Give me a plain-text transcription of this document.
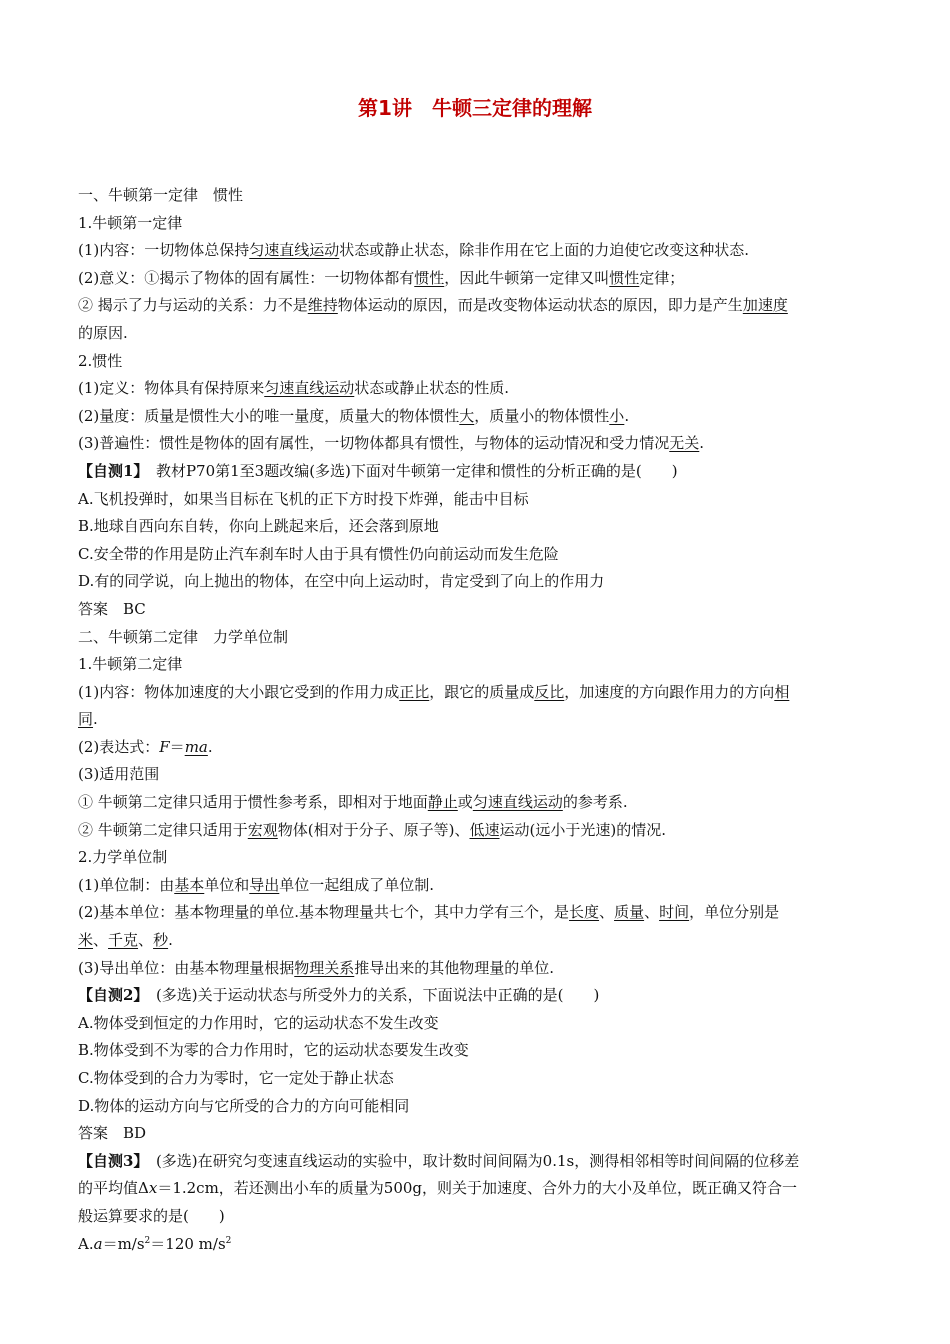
第1讲　牛顿三定律的理解
一、牛顿第一定律　惯性
1.牛顿第一定律
(1)内容：一切物体总保持匀速直线运动状态或静止状态，除非作用在它上面的力迫使它改变这种状态.
(2)意义：①揭示了物体的固有属性：一切物体都有惯性，因此牛顿第一定律又叫惯性定律；
② 揭示了力与运动的关系：力不是维持物体运动的原因，而是改变物体运动状态的原因，即力是产生加速度
的原因.
2.惯性
(1)定义：物体具有保持原来匀速直线运动状态或静止状态的性质.
(2)量度：质量是惯性大小的唯一量度，质量大的物体惯性大，质量小的物体惯性小.
(3)普遍性：惯性是物体的固有属性，一切物体都具有惯性，与物体的运动情况和受力情况无关.
【自测1】  教材P70第1至3题改编(多选)下面对牛顿第一定律和惯性的分析正确的是(　　)
A.飞机投弹时，如果当目标在飞机的正下方时投下炸弹，能击中目标
B.地球自西向东自转，你向上跳起来后，还会落到原地
C.安全带的作用是防止汽车刹车时人由于具有惯性仍向前运动而发生危险
D.有的同学说，向上抛出的物体，在空中向上运动时，肯定受到了向上的作用力
答案　BC
二、牛顿第二定律　力学单位制
1.牛顿第二定律
(1)内容：物体加速度的大小跟它受到的作用力成正比，跟它的质量成反比，加速度的方向跟作用力的方向相
同.
(2)表达式：F＝ma.
(3)适用范围
① 牛顿第二定律只适用于惯性参考系，即相对于地面静止或匀速直线运动的参考系.
② 牛顿第二定律只适用于宏观物体(相对于分子、原子等)、低速运动(远小于光速)的情况.
2.力学单位制
(1)单位制：由基本单位和导出单位一起组成了单位制.
(2)基本单位：基本物理量的单位.基本物理量共七个，其中力学有三个，是长度、质量、时间，单位分别是
米、千克、秒.
(3)导出单位：由基本物理量根据物理关系推导出来的其他物理量的单位.
【自测2】  (多选)关于运动状态与所受外力的关系，下面说法中正确的是(　　)
A.物体受到恒定的力作用时，它的运动状态不发生改变
B.物体受到不为零的合力作用时，它的运动状态要发生改变
C.物体受到的合力为零时，它一定处于静止状态
D.物体的运动方向与它所受的合力的方向可能相同
答案　BD
【自测3】  (多选)在研究匀变速直线运动的实验中，取计数时间间隔为0.1s，测得相邻相等时间间隔的位移差
的平均值Δx＝1.2cm，若还测出小车的质量为500g，则关于加速度、合外力的大小及单位，既正确又符合一
般运算要求的是(　　)
$A.a=m/s^2=120$ $m/s^2$
